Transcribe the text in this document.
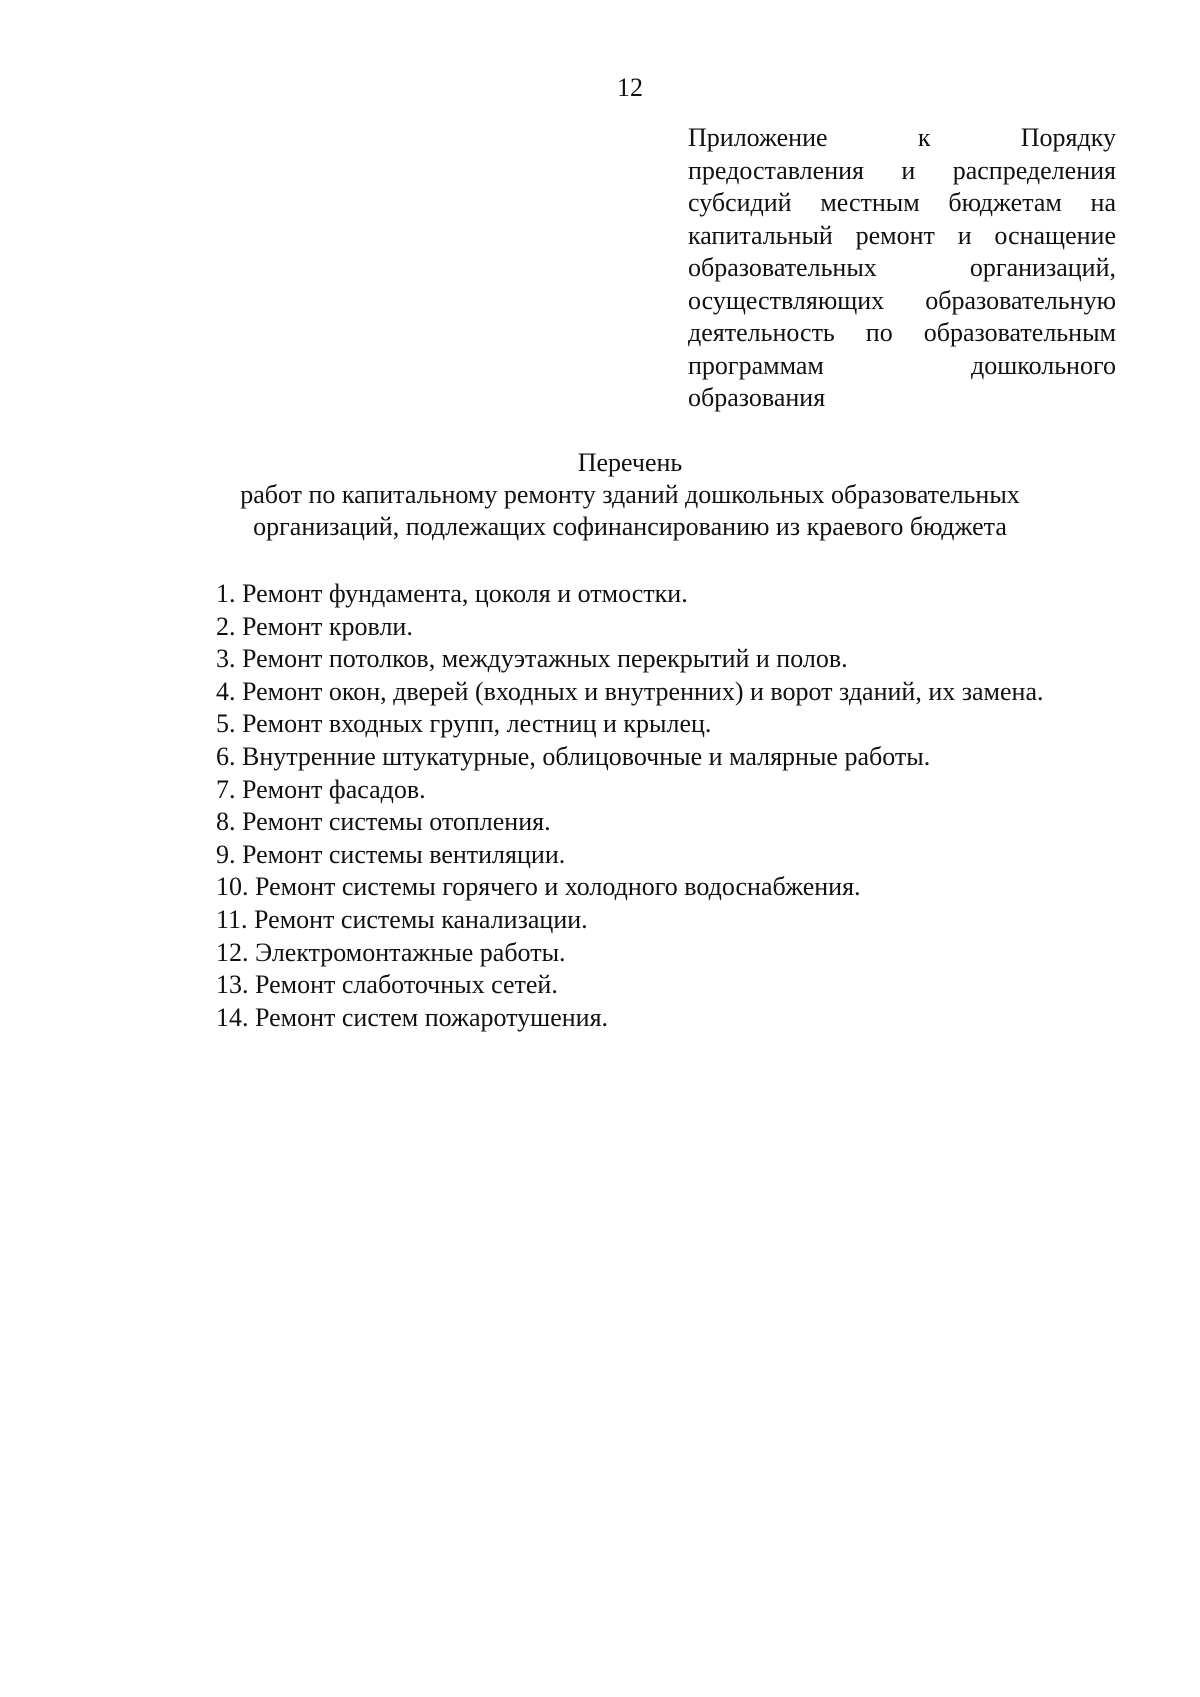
12
Приложение к Порядку
предоставления и распределения
субсидий местным бюджетам на
капитальный ремонт и оснащение
образовательных организаций,
осуществляющих образовательную
деятельность по образовательным
программам дошкольного
образования
Перечень
работ по капитальному ремонту зданий дошкольных образовательных
организаций, подлежащих софинансированию из краевого бюджета
1. Ремонт фундамента, цоколя и отмостки.
2. Ремонт кровли.
3. Ремонт потолков, междуэтажных перекрытий и полов.
4. Ремонт окон, дверей (входных и внутренних) и ворот зданий, их замена.
5. Ремонт входных групп, лестниц и крылец.
6. Внутренние штукатурные, облицовочные и малярные работы.
7. Ремонт фасадов.
8. Ремонт системы отопления.
9. Ремонт системы вентиляции.
10. Ремонт системы горячего и холодного водоснабжения.
11. Ремонт системы канализации.
12. Электромонтажные работы.
13. Ремонт слаботочных сетей.
14. Ремонт систем пожаротушения.
